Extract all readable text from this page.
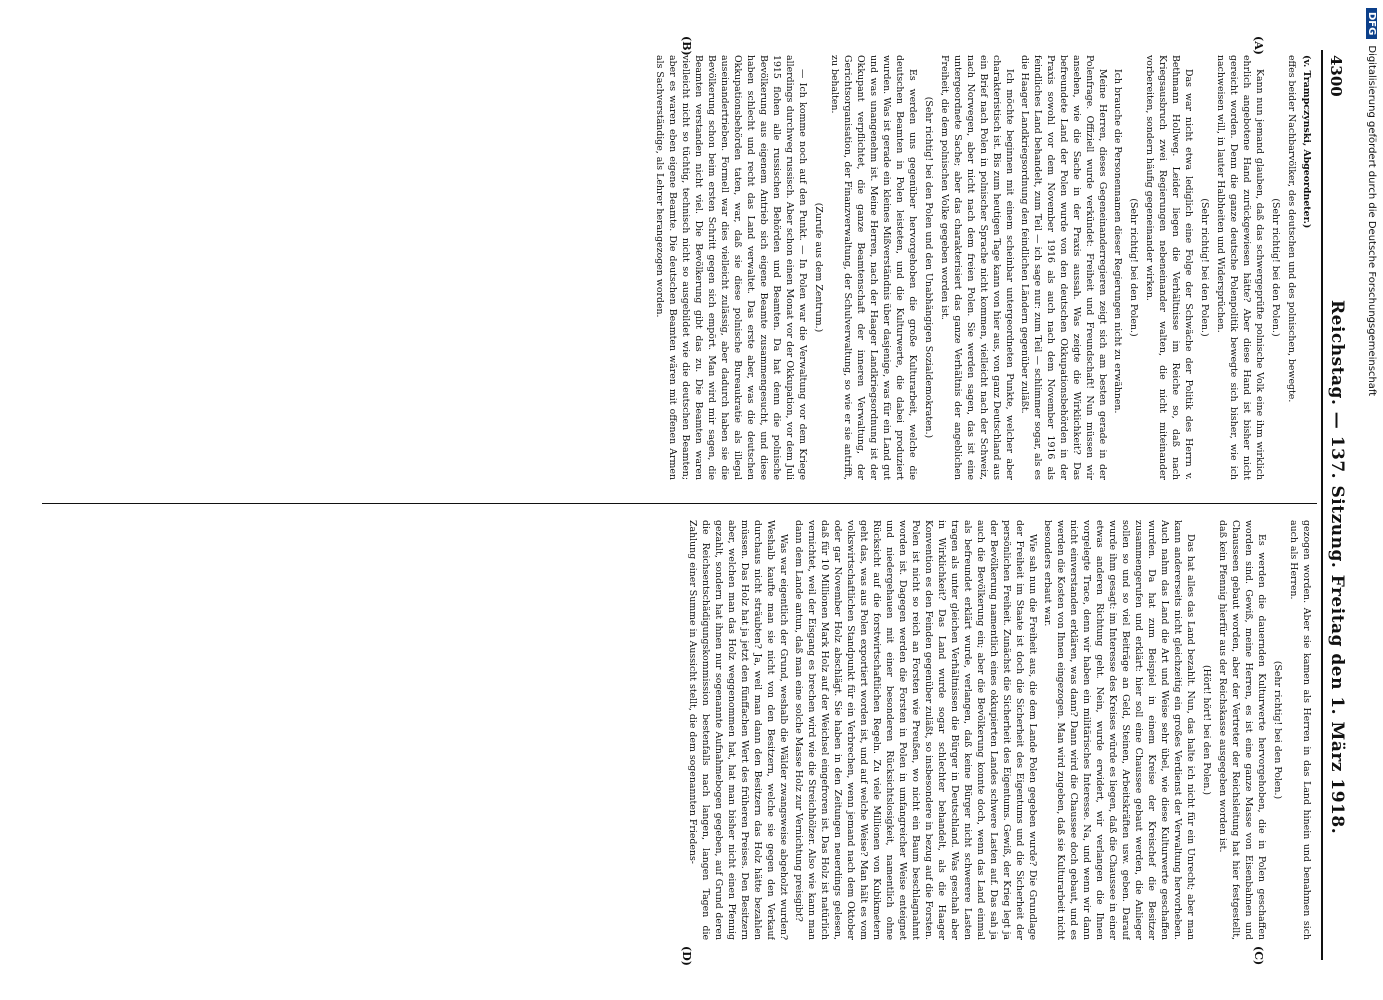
4300
Reichstag. — 137. Sitzung. Freitag den 1. März 1918.
(A)
(B)
(C)
(D)

(v. Trampczynski, Abgeordneter.)

effes beider Nachbarvölker, des deutschen und des polnischen, bewegte.

(Sehr richtig! bei den Polen.)

Kann nun jemand glauben, daß das schwergeprüfte polnische Volk eine ihm wirklich ehrlich angebotene Hand zurückgewiesen hätte? Aber diese Hand ist bisher nicht gereicht worden. Denn die ganze deutsche Polenpolitik bewegte sich bisher, wie ich nachweisen will, in lauter Halbheiten und Widersprüchen.

(Sehr richtig! bei den Polen.)

Das war nicht etwa lediglich eine Folge der Schwäche der Politik des Herrn v. Bethmann Hollweg. Leider liegen die Verhältnisse im Reiche so, daß nach Kriegsausbruch zwei Regierungen nebeneinander walten, die nicht miteinander vorbereiten, sondern häufig gegeneinander wirken.

(Sehr richtig! bei den Polen.)

Ich brauche die Personennamen dieser Regierungen nicht zu erwähnen.

Meine Herren, dieses Gegeneinanderregieren zeigt sich am besten gerade in der Polenfrage. Offiziell wurde verkündet: Freiheit und Freundschaft! Nun müssen wir ansehen, wie die Sache in der Praxis aussah. Was zeigte die Wirklichkeit? Das befreundete Land der Polen wurde von den deutschen Okkupationsbehörden in der Praxis sowohl vor dem November 1916 als auch nach dem November 1916 als feindliches Land behandelt, zum Teil — ich sage nur: zum Teil — schlimmer sogar, als es die Haager Landkriegsordnung den feindlichen Ländern gegenüber zuläßt.

Ich möchte beginnen mit einem scheinbar untergeordneten Punkte, welcher aber charakteristisch ist. Bis zum heutigen Tage kann von hier aus, von ganz Deutschland aus ein Brief nach Polen in polnischer Sprache nicht kommen, vielleicht nach der Schweiz, nach Norwegen, aber nicht nach dem freien Polen. Sie werden sagen, das ist eine untergeordnete Sache; aber das charakterisiert das ganze Verhältnis der angeblichen Freiheit, die dem polnischen Volke gegeben worden ist.

(Sehr richtig! bei den Polen und den Unabhängigen Sozialdemokraten.)

Es werden uns gegenüber hervorgehoben die große Kulturarbeit, welche die deutschen Beamten in Polen leisteten, und die Kulturwerte, die dabei produziert wurden. Was ist gerade ein kleines Mißverständnis über dasjenige, was für ein Land gut und was unangenehm ist. Meine Herren, nach der Haager Landkriegsordnung ist der Okkupant verpflichtet, die ganze Beamtenschaft der inneren Verwaltung, der Gerichtsorganisation, der Finanzverwaltung, der Schulverwaltung, so wie er sie antrifft, zu behalten.

(Zurufe aus dem Zentrum.)

— Ich komme noch auf den Punkt. — In Polen war die Verwaltung vor dem Kriege allerdings durchweg russisch. Aber schon einen Monat vor der Okkupation, vor dem Juli 1915 flohen alle russischen Behörden und Beamten. Da hat denn die polnische Bevölkerung aus eigenem Antrieb sich eigene Beamte zusammengesucht, und diese haben schlecht und recht das Land verwaltet. Das erste aber, was die deutschen Okkupationsbehörden taten, war, daß sie diese polnische Bureaukratie als illegal auseinandertrieben. Formell war dies vielleicht zulässig, aber dadurch haben sie die Bevölkerung schon beim ersten Schritt gegen sich empört. Man wird mir sagen, die Beamten verstanden nicht viel. Die Bevölkerung gibt das zu. Die Beamten waren vielleicht nicht so tüchtig, technisch nicht so ausgebildet wie die deutschen Beamten; aber es waren eben eigene Beamte. Die deutschen Beamten wären mit offenen Armen als Sachverständige, als Lehrer herangezogen worden.

gezogen worden. Aber sie kamen als Herren in das Land hinein und benahmen sich auch als Herren.

(Sehr richtig! bei den Polen.)

Es werden die dauernden Kulturwerte hervorgehoben, die in Polen geschaffen worden sind. Gewiß, meine Herren, es ist eine ganze Masse von Eisenbahnen und Chausseen gebaut worden, aber der Vertreter der Reichsleitung hat hier festgestellt, daß kein Pfennig hierfür aus der Reichskasse ausgegeben worden ist.

(Hört! hört! bei den Polen.)

Das hat alles das Land bezahlt. Nun, das halte ich nicht für ein Unrecht; aber man kann andererseits nicht gleichzeitig ein großes Verdienst der Verwaltung hervorheben. Auch nahm das Land die Art und Weise sehr übel, wie diese Kulturwerte geschaffen wurden. Da hat zum Beispiel in einem Kreise der Kreischef die Besitzer zusammengerufen und erklärt: hier soll eine Chaussee gebaut werden, die Anlieger sollen so und so viel Beiträge an Geld, Steinen, Arbeitskräften usw. geben. Darauf wurde ihm gesagt: im Interesse des Kreises würde es liegen, daß die Chaussee in einer etwas anderen Richtung geht. Nein, wurde erwidert, wir verlangen die Ihnen vorgelegte Trace, denn wir haben ein militärisches Interesse. Na, und wenn wir dann nicht einverstanden erklären, was dann? Dann wird die Chaussee doch gebaut, und es werden die Kosten von Ihnen eingezogen. Man wird zugeben, daß sie Kulturarbeit nicht besonders erbaut war.

Wie sah nun die Freiheit aus, die dem Lande Polen gegeben wurde? Die Grundlage der Freiheit im Staate ist doch die Sicherheit des Eigentums und die Sicherheit der persönlichen Freiheit. Zunächst die Sicherheit des Eigentums. Gewiß, der Krieg legt ja der Bevölkerung namentlich eines okkupierten Landes schwere Lasten auf. Das sah ja auch die Bevölkerung ein; aber die Bevölkerung konnte doch, wenn das Land einmal als befreundet erklärt wurde, verlangen, daß keine Bürger nicht schwerere Lasten tragen als unter gleichen Verhältnissen die Bürger in Deutschland. Was geschah aber in Wirklichkeit? Das Land wurde sogar schlechter behandelt, als die Haager Konvention es den Feinden gegenüber zuläßt, so insbesondere in bezug auf die Forsten. Polen ist nicht so reich an Forsten wie Preußen, wo nicht ein Baum beschlagnahmt worden ist. Dagegen werden die Forsten in Polen in umfangreicher Weise enteignet und niedergehauen mit einer besonderen Rücksichtslosigkeit, namentlich ohne Rücksicht auf die forstwirtschaftlichen Regeln. Zu viele Millionen von Kubikmetern geht das, was aus Polen exportiert worden ist, und auf welche Weise? Man hält es vom volkswirtschaftlichen Standpunkt für ein Verbrechen, wenn jemand nach dem Oktober oder gar November Holz abschlägt. Sie haben in den Zeitungen neuerdings gelesen, daß für 10 Millionen Mark Holz auf der Weichsel eingefroren ist. Das Holz ist natürlich vernichtet, weil der Eisgang es brechen wird wie die Streichhölzer. Also wie kann man dann dem Lande antun, daß man eine solche Masse Holz zur Vernichtung preisgibt?

Was war eigentlich der Grund, weshalb die Wälder zwangsweise abgeholzt wurden? Weshalb kaufte man sie nicht von den Besitzern, welche sie gegen den Verkauf durchaus nicht sträubten? Ja, weil man dann den Besitzern das Holz hätte bezahlen müssen. Das Holz hat ja jetzt den fünffachen Wert des früheren Preises. Den Besitzern aber, welchen man das Holz weggenommen hat, hat man bisher nicht einen Pfennig gezahlt, sondern hat ihnen nur sogenannte Aufnahmebogen gegeben, auf Grund deren die Reichsentschädigungskommission bestenfalls nach langen, langen Tagen die Zahlung einer Summe in Aussicht stellt, die dem sogenannten Friedens-

DFGDigitalisierung gefördert durch die Deutsche Forschungsgemeinschaft
